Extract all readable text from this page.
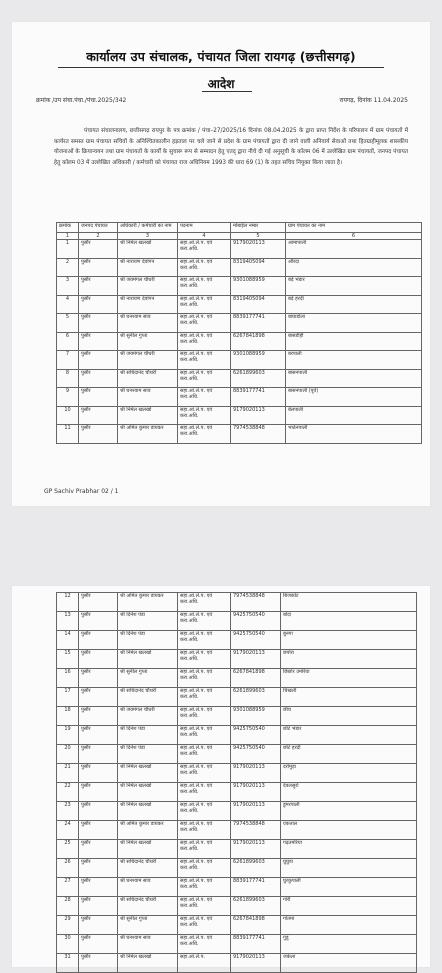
कार्यालय उप संचालक, पंचायत जिला रायगढ़ (छत्तीसगढ़)
आदेश
क्रमांक /उप संचा.पंचा./पंचा.2025/342	रायगढ़, दिनांक 11.04.2025
पंचायत संचालनालय, छत्तीसगढ़ रायपुर के पत्र क्रमांक / पंचा–27/2025/16 दिनांक 08.04.2025 के द्वारा प्राप्त निर्देश के परिपालन में ग्राम पंचायतों में कार्यरत समस्त ग्राम पंचायत सचिवों के अनिश्चितकालीन हड़ताल पर चले जाने से प्रदेश के ग्राम पंचायतों द्वारा दी जाने वाली अनिवार्य सेवाओं तथा हितग्राहीमूलक शासकीय योजनाओं के क्रियान्वयन तथा ग्राम पंचायतों के कार्यों के सुचारू रूप से सम्पादन हेतु एतद् द्वारा नीचे दी गई अनुसूची के कॉलम 06 में उल्लेखित ग्राम पंचायतों, जनपद पंचायत हेतु कॉलम 03 में उल्लेखित अधिकारी / कर्मचारी को पंचायत राज अधिनियम 1993 की धारा 69 (1) के तहत सचिव नियुक्त किया जाता है।
क्रमांक	जनपद पंचायत	अधिकारी / कर्मचारी का नाम	पदनाम	मोबाईल नम्बर	ग्राम पंचायत का नाम
1	2	3	4	5	6
1	पुसौर	श्री निर्मल खलखो	सहा.आं.ले.प. एवं करा.अधि.	9179020113	आमापाली
2	पुसौर	श्री नारायण देवांगन	सहा.आं.ले.प. एवं करा.अधि.	8319405094	औरदा
3	पुसौर	श्री जयमंगल चौधरी	सहा.आं.ले.प. एवं करा.अधि.	9301088959	बड़े भंडार
4	पुसौर	श्री नारायण देवांगन	सहा.आं.ले.प. एवं करा.अधि.	8319405094	बड़े हरदी
5	पुसौर	श्री घनश्याम साव	सहा.आं.ले.प. एवं करा.अधि.	8839177741	बाघाडोला
6	पुसौर	श्री सुनील गुप्ता	सहा.आं.ले.प. एवं करा.अधि.	6267841898	बासडीही
7	पुसौर	श्री जयमंगल चौधरी	सहा.आं.ले.प. एवं करा.अधि.	9301088959	बरपाली
8	पुसौर	श्री सचिदानंद चौधरी	सहा.आं.ले.प. एवं करा.अधि.	6261899603	बासनपाली
9	पुसौर	श्री घनश्याम साव	सहा.आं.ले.प. एवं करा.अधि.	8839177741	बासनपाली (पूर्व)
10	पुसौर	श्री निर्मल खलखो	सहा.आं.ले.प. एवं करा.अधि.	9179020113	बेलपाली
11	पुसौर	श्री अमित कुमार डायकर	सहा.आं.ले.प. एवं करा.अधि.	7974538848	भाठेनपाली
GP Sachiv Prabhar 02 / 1
12	पुसौर	श्री अमित कुमार डायकर	सहा.आं.ले.प. एवं करा.अधि.	7974538848	बिजकोट
13	पुसौर	श्री दिनेश पंडा	सहा.आं.ले.प. एवं करा.अधि.	9425750540	बोंदा
14	पुसौर	श्री दिनेश पंडा	सहा.आं.ले.प. एवं करा.अधि.	9425750540	बुनगा
15	पुसौर	श्री निर्मल खलखो	सहा.आं.ले.प. एवं करा.अधि.	9179020113	छपोरा
16	पुसौर	श्री सुनील गुप्ता	सहा.आं.ले.प. एवं करा.अधि.	6267841898	छिछोर उमरिया
17	पुसौर	श्री सचिदानंद चौधरी	सहा.आं.ले.प. एवं करा.अधि.	6261899603	चिखली
18	पुसौर	श्री जयमंगल चौधरी	सहा.आं.ले.प. एवं करा.अधि.	9301088959	छीच
19	पुसौर	श्री दिनेश पंडा	सहा.आं.ले.प. एवं करा.अधि.	9425750540	छोटे भंडार
20	पुसौर	श्री दिनेश पंडा	सहा.आं.ले.प. एवं करा.अधि.	9425750540	छोटे हरदी
21	पुसौर	श्री निर्मल खलखो	सहा.आं.ले.प. एवं करा.अधि.	9179020113	दर्रामुड़ा
22	पुसौर	श्री निर्मल खलखो	सहा.आं.ले.प. एवं करा.अधि.	9179020113	देवलसुर्रा
23	पुसौर	श्री निर्मल खलखो	सहा.आं.ले.प. एवं करा.अधि.	9179020113	डुमरपाली
24	पुसौर	श्री अमित कुमार डायकर	सहा.आं.ले.प. एवं करा.अधि.	7974538848	एकताल
25	पुसौर	श्री निर्मल खलखो	सहा.आं.ले.प. एवं करा.अधि.	9179020113	गढ़उमरिया
26	पुसौर	श्री सचिदानंद चौधरी	सहा.आं.ले.प. एवं करा.अधि.	6261899603	घुघुवा
27	पुसौर	श्री घनश्याम साव	सहा.आं.ले.प. एवं करा.अधि.	8839177741	घुरकुपाली
28	पुसौर	श्री सचिदानंद चौधरी	सहा.आं.ले.प. एवं करा.अधि.	6261899603	गोरी
29	पुसौर	श्री सुनील गुप्ता	सहा.आं.ले.प. एवं करा.अधि.	6267841898	गोतमा
30	पुसौर	श्री घनश्याम साव	सहा.आं.ले.प. एवं करा.अधि.	8839177741	गुडू
31	पुसौर	श्री निर्मल खलखो	सहा.आं.ले.प.	9179020113	जकेला
